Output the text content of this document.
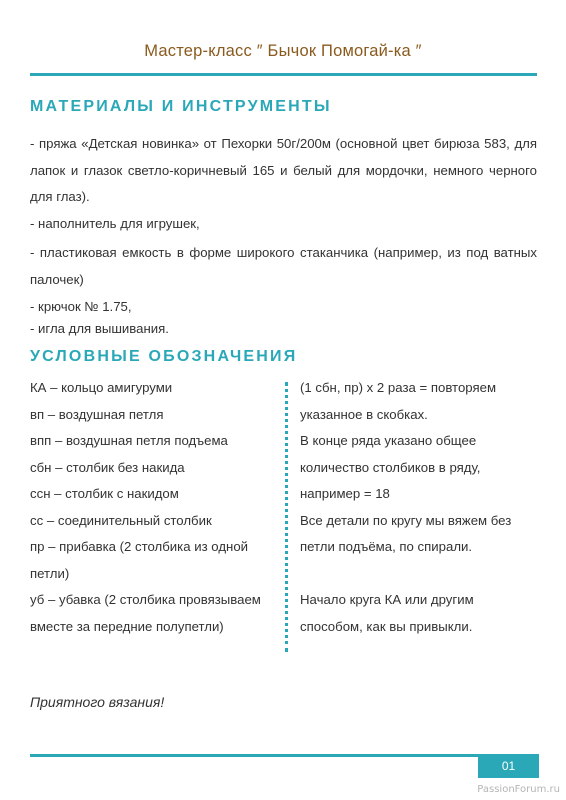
Мастер-класс ″ Бычок Помогай-ка ″
МАТЕРИАЛЫ И ИНСТРУМЕНТЫ
- пряжа «Детская новинка» от Пехорки 50г/200м (основной цвет бирюза 583, для лапок и глазок светло-коричневый 165 и белый для мордочки, немного черного для глаз).
- наполнитель для игрушек,
- пластиковая емкость в форме широкого стаканчика (например, из под ватных палочек)
- крючок № 1.75,
- игла для вышивания.
УСЛОВНЫЕ ОБОЗНАЧЕНИЯ
КА – кольцо амигуруми
вп – воздушная петля
впп – воздушная петля подъема
сбн – столбик без накида
ссн – столбик с накидом
сс – соединительный столбик
пр – прибавка (2 столбика из одной петли)
уб – убавка (2 столбика провязываем вместе за передние полупетли)
(1 сбн, пр) х 2 раза = повторяем указанное в скобках.
В конце ряда указано общее количество столбиков в ряду, например = 18
Все детали по кругу мы вяжем без петли подъёма, по спирали.
Начало круга КА или другим способом, как вы привыкли.
Приятного вязания!
01
PassionForum.ru
